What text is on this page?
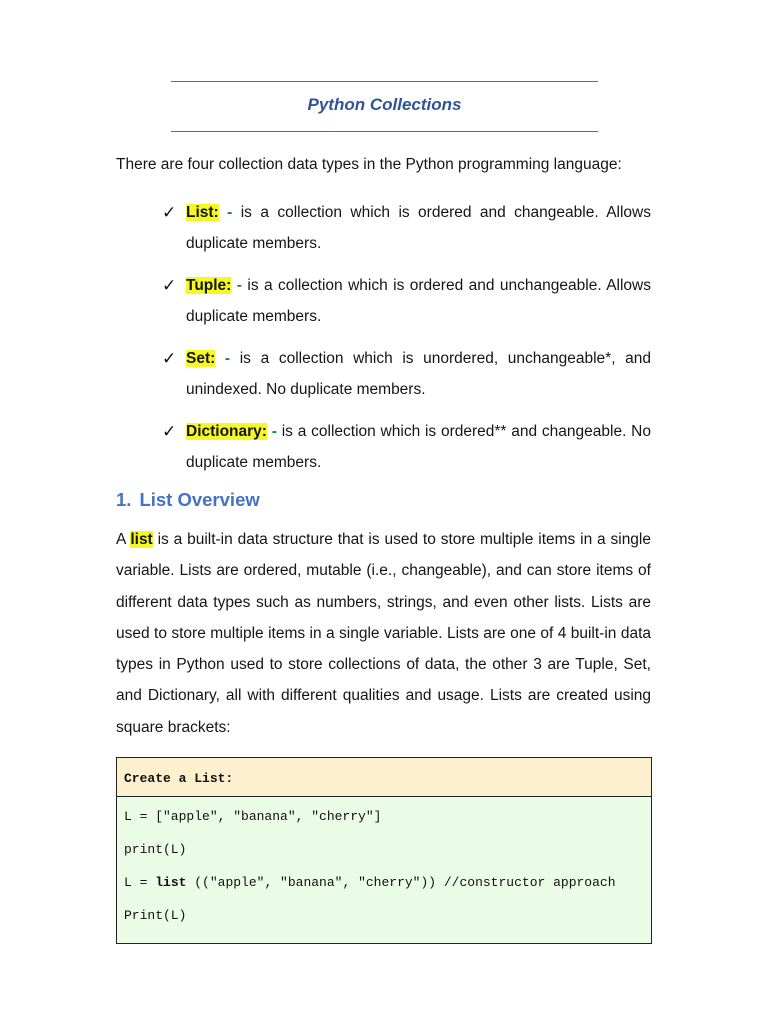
Python Collections
There are four collection data types in the Python programming language:
✓ List: - is a collection which is ordered and changeable. Allows duplicate members.
✓ Tuple: - is a collection which is ordered and unchangeable. Allows duplicate members.
✓ Set: - is a collection which is unordered, unchangeable*, and unindexed. No duplicate members.
✓ Dictionary: - is a collection which is ordered** and changeable. No duplicate members.
1. List Overview
A list is a built-in data structure that is used to store multiple items in a single variable. Lists are ordered, mutable (i.e., changeable), and can store items of different data types such as numbers, strings, and even other lists. Lists are used to store multiple items in a single variable. Lists are one of 4 built-in data types in Python used to store collections of data, the other 3 are Tuple, Set, and Dictionary, all with different qualities and usage. Lists are created using square brackets:
Create a List:
L = ["apple", "banana", "cherry"]
print(L)
L = list (("apple", "banana", "cherry")) //constructor approach
Print(L)
